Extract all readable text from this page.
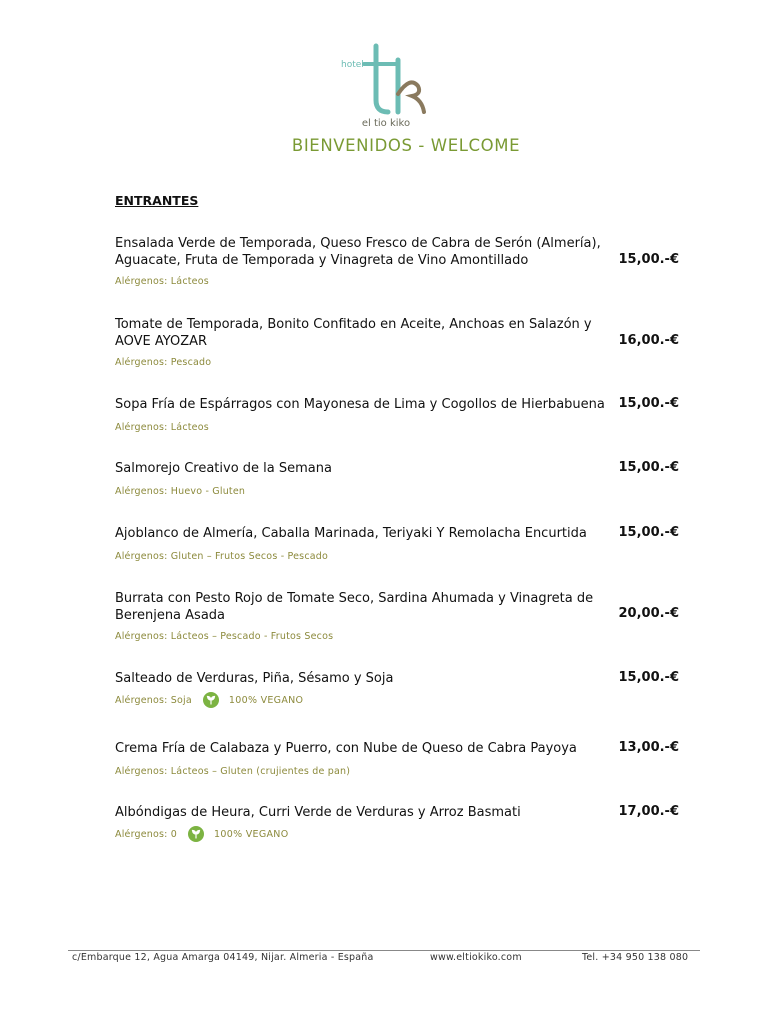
hotel
el tio kiko
BIENVENIDOS - WELCOME
ENTRANTES
Ensalada Verde de Temporada, Queso Fresco de Cabra de Serón (Almería), Aguacate, Fruta de Temporada y Vinagreta de Vino Amontillado	15,00.-€
Alérgenos: Lácteos
Tomate de Temporada, Bonito Confitado en Aceite, Anchoas en Salazón y AOVE AYOZAR	16,00.-€
Alérgenos: Pescado
Sopa Fría de Espárragos con Mayonesa de Lima y Cogollos de Hierbabuena	15,00.-€
Alérgenos: Lácteos
Salmorejo Creativo de la Semana	15,00.-€
Alérgenos: Huevo - Gluten
Ajoblanco de Almería, Caballa Marinada, Teriyaki Y Remolacha Encurtida	15,00.-€
Alérgenos: Gluten – Frutos Secos - Pescado
Burrata con Pesto Rojo de Tomate Seco, Sardina Ahumada y Vinagreta de Berenjena Asada	20,00.-€
Alérgenos: Lácteos – Pescado - Frutos Secos
Salteado de Verduras, Piña, Sésamo y Soja	15,00.-€
Alérgenos: Soja	100% VEGANO
Crema Fría de Calabaza y Puerro, con Nube de Queso de Cabra Payoya	13,00.-€
Alérgenos: Lácteos – Gluten (crujientes de pan)
Albóndigas de Heura, Curri Verde de Verduras y Arroz Basmati	17,00.-€
Alérgenos: 0	100% VEGANO
c/Embarque 12, Agua Amarga 04149, Nijar. Almeria - España	www.eltiokiko.com	Tel. +34 950 138 080
